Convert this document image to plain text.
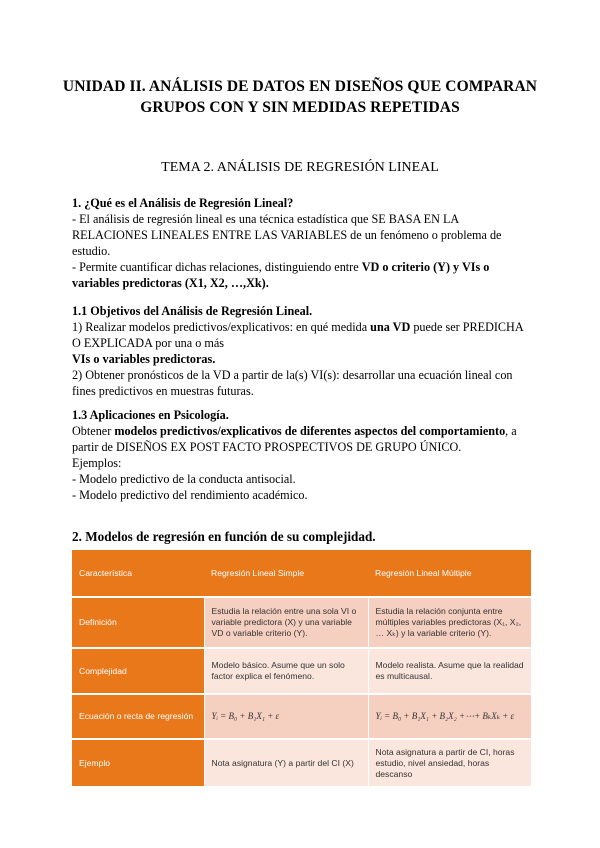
UNIDAD II. ANÁLISIS DE DATOS EN DISEÑOS QUE COMPARAN GRUPOS CON Y SIN MEDIDAS REPETIDAS
TEMA 2. ANÁLISIS DE REGRESIÓN LINEAL

1. ¿Qué es el Análisis de Regresión Lineal?

- El análisis de regresión lineal es una técnica estadística que SE BASA EN LA RELACIONES LINEALES ENTRE LAS VARIABLES de un fenómeno o problema de estudio.

- Permite cuantificar dichas relaciones, distinguiendo entre VD o criterio (Y) y VIs o variables predictoras (X1, X2, …,Xk).

1.1 Objetivos del Análisis de Regresión Lineal.

1) Realizar modelos predictivos/explicativos: en qué medida una VD puede ser PREDICHA O EXPLICADA por una o más

VIs o variables predictoras.

2) Obtener pronósticos de la VD a partir de la(s) VI(s): desarrollar una ecuación lineal con fines predictivos en muestras futuras.

1.3 Aplicaciones en Psicología.

Obtener modelos predictivos/explicativos de diferentes aspectos del comportamiento, a partir de DISEÑOS EX POST FACTO PROSPECTIVOS DE GRUPO ÚNICO.

Ejemplos:

- Modelo predictivo de la conducta antisocial.

- Modelo predictivo del rendimiento académico.

2. Modelos de regresión en función de su complejidad.
Característica	Regresión Lineal Simple	Regresión Lineal Múltiple
Definición	Estudia la relación entre una sola VI o variable predictora (X) y una variable VD o variable criterio (Y).	Estudia la relación conjunta entre múltiples variables predictoras (X₁, X₂, … Xₖ) y la variable criterio (Y).
Complejidad	Modelo básico. Asume que un solo factor explica el fenómeno.	Modelo realista. Asume que la realidad es multicausal.
Ecuación o recta de regresión	Yᵢ = B₀ + B₁X₁ + ε	Yᵢ = B₀ + B₁X₁ + B₂X₂ +⋯+ BₖXₖ + ε
Ejemplo	Nota asignatura (Y) a partir del CI (X)	Nota asignatura a partir de CI, horas estudio, nivel ansiedad, horas descanso
